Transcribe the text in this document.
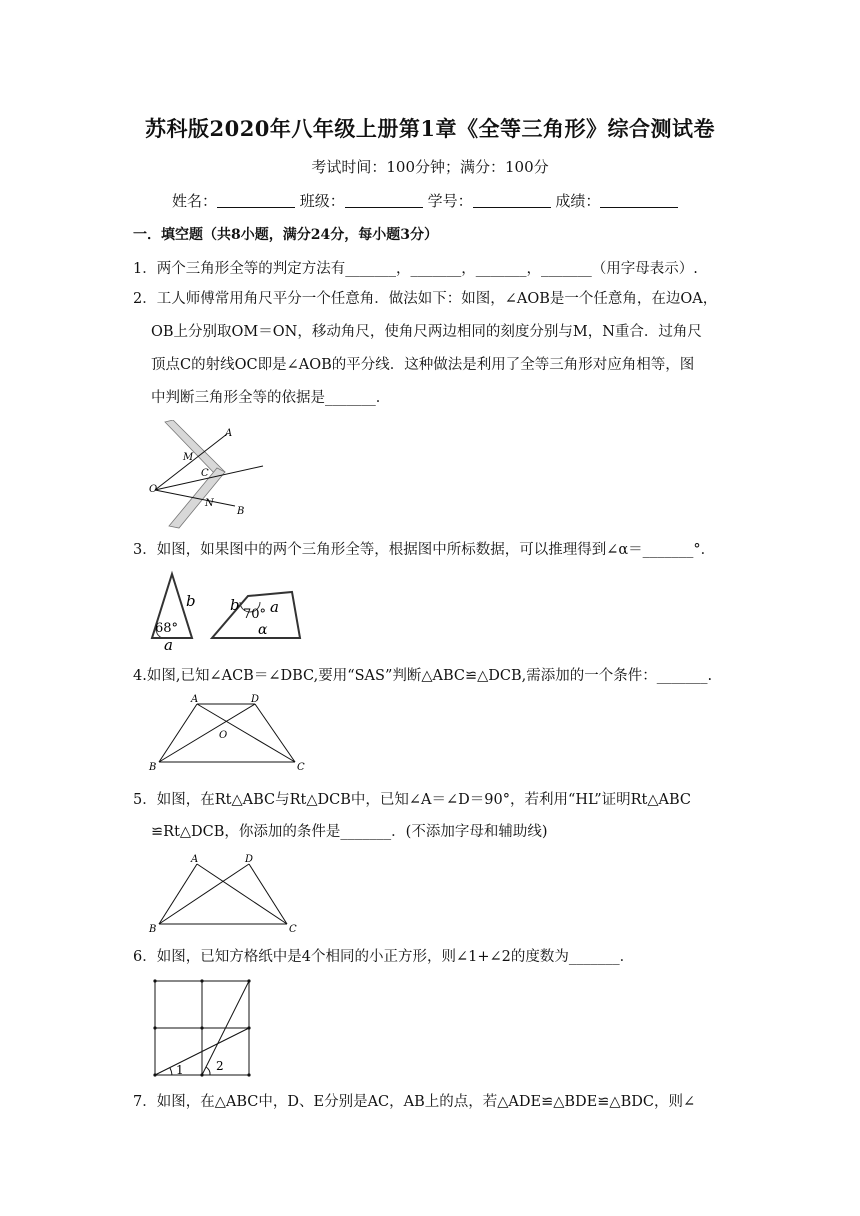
苏科版2020年八年级上册第1章《全等三角形》综合测试卷
考试时间：100分钟；满分：100分
姓名：	班级：	学号：	成绩：
一．填空题（共8小题，满分24分，每小题3分）
1．两个三角形全等的判定方法有_______，_______，_______，_______（用字母表示）.
2．工人师傅常用角尺平分一个任意角．做法如下：如图，∠AOB是一个任意角，在边OA，
OB上分别取OM＝ON，移动角尺，使角尺两边相同的刻度分别与M，N重合．过角尺
顶点C的射线OC即是∠AOB的平分线．这种做法是利用了全等三角形对应角相等，图
中判断三角形全等的依据是_______．
A
M
C
O
N
B
3．如图，如果图中的两个三角形全等，根据图中所标数据，可以推理得到∠α＝_______°．
b
68°
a
b
70° a
α
4.如图,已知∠ACB＝∠DBC,要用“SAS”判断△ABC≌△DCB,需添加的一个条件：_______.
A	D
O
B	C
5．如图，在Rt△ABC与Rt△DCB中，已知∠A＝∠D＝90°，若利用“HL”证明Rt△ABC
≌Rt△DCB，你添加的条件是_______．(不添加字母和辅助线)
A	D
B	C
6．如图，已知方格纸中是4个相同的小正方形，则∠1+∠2的度数为_______．
1	2
7．如图，在△ABC中，D、E分别是AC，AB上的点，若△ADE≌△BDE≌△BDC，则∠
